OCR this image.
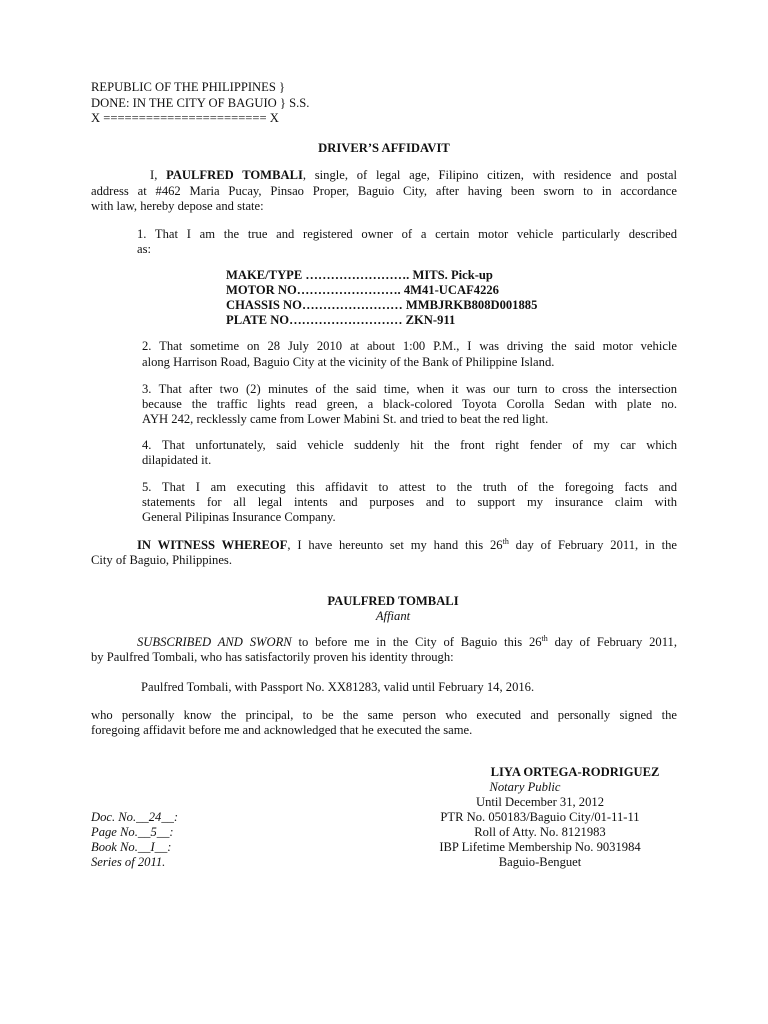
REPUBLIC OF THE PHILIPPINES }
DONE: IN THE CITY OF BAGUIO } S.S.
X ======================= X
DRIVER’S AFFIDAVIT
I, PAULFRED TOMBALI, single, of legal age, Filipino citizen, with residence and postal
address at #462 Maria Pucay, Pinsao Proper, Baguio City, after having been sworn to in accordance
with law, hereby depose and state:
1. That I am the true and registered owner of a certain motor vehicle particularly described
as:
MAKE/TYPE ……………………. MITS. Pick-up
MOTOR NO……………………. 4M41-UCAF4226
CHASSIS NO…………………… MMBJRKB808D001885
PLATE NO……………………… ZKN-911
2. That sometime on 28 July 2010 at about 1:00 P.M., I was driving the said motor vehicle
along Harrison Road, Baguio City at the vicinity of the Bank of Philippine Island.
3. That after two (2) minutes of the said time, when it was our turn to cross the intersection
because the traffic lights read green, a black-colored Toyota Corolla Sedan with plate no.
AYH 242, recklessly came from Lower Mabini St. and tried to beat the red light.
4. That unfortunately, said vehicle suddenly hit the front right fender of my car which
dilapidated it.
5. That I am executing this affidavit to attest to the truth of the foregoing facts and
statements for all legal intents and purposes and to support my insurance claim with
General Pilipinas Insurance Company.
IN WITNESS WHEREOF, I have hereunto set my hand this 26th day of February 2011, in the
City of Baguio, Philippines.
PAULFRED TOMBALI
Affiant
SUBSCRIBED AND SWORN to before me in the City of Baguio this 26th day of February 2011,
by Paulfred Tombali, who has satisfactorily proven his identity through:
Paulfred Tombali, with Passport No. XX81283, valid until February 14, 2016.
who personally know the principal, to be the same person who executed and personally signed the
foregoing affidavit before me and acknowledged that he executed the same.
LIYA ORTEGA-RODRIGUEZ
Notary Public
Until December 31, 2012
PTR No. 050183/Baguio City/01-11-11
Roll of Atty. No. 8121983
IBP Lifetime Membership No. 9031984
Baguio-Benguet
Doc. No.__24__:
Page No.__5__:
Book No.__I__:
Series of 2011.
